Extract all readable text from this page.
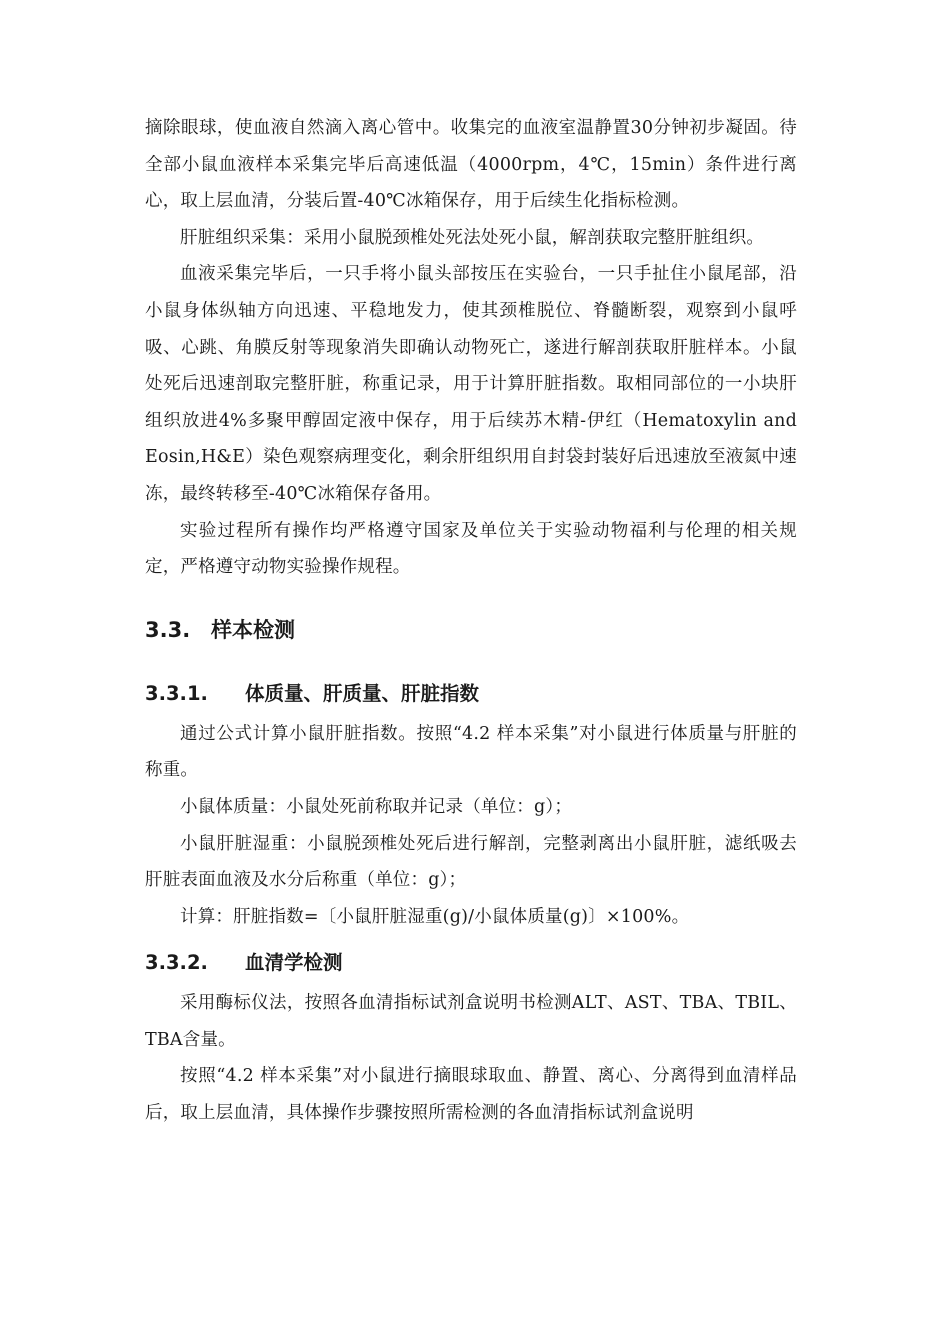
摘除眼球，使血液自然滴入离心管中。收集完的血液室温静置30分钟初步凝固。待全部小鼠血液样本采集完毕后高速低温（4000rpm，4℃，15min）条件进行离心，取上层血清，分装后置-40℃冰箱保存，用于后续生化指标检测。

肝脏组织采集：采用小鼠脱颈椎处死法处死小鼠，解剖获取完整肝脏组织。

血液采集完毕后，一只手将小鼠头部按压在实验台，一只手扯住小鼠尾部，沿小鼠身体纵轴方向迅速、平稳地发力，使其颈椎脱位、脊髓断裂，观察到小鼠呼吸、心跳、角膜反射等现象消失即确认动物死亡，遂进行解剖获取肝脏样本。小鼠处死后迅速剖取完整肝脏，称重记录，用于计算肝脏指数。取相同部位的一小块肝组织放进4%多聚甲醇固定液中保存，用于后续苏木精-伊红（Hematoxylin and Eosin,H&E）染色观察病理变化，剩余肝组织用自封袋封装好后迅速放至液氮中速冻，最终转移至-40℃冰箱保存备用。

实验过程所有操作均严格遵守国家及单位关于实验动物福利与伦理的相关规定，严格遵守动物实验操作规程。

3.3. 样本检测
3.3.1. 体质量、肝质量、肝脏指数

通过公式计算小鼠肝脏指数。按照“4.2 样本采集”对小鼠进行体质量与肝脏的称重。

小鼠体质量：小鼠处死前称取并记录（单位：g）；

小鼠肝脏湿重：小鼠脱颈椎处死后进行解剖，完整剥离出小鼠肝脏，滤纸吸去肝脏表面血液及水分后称重（单位：g）；

计算：肝脏指数=〔小鼠肝脏湿重(g)/小鼠体质量(g)〕×100%。

3.3.2. 血清学检测

采用酶标仪法，按照各血清指标试剂盒说明书检测ALT、AST、TBA、TBIL、TBA含量。

按照“4.2 样本采集”对小鼠进行摘眼球取血、静置、离心、分离得到血清样品后，取上层血清，具体操作步骤按照所需检测的各血清指标试剂盒说明
